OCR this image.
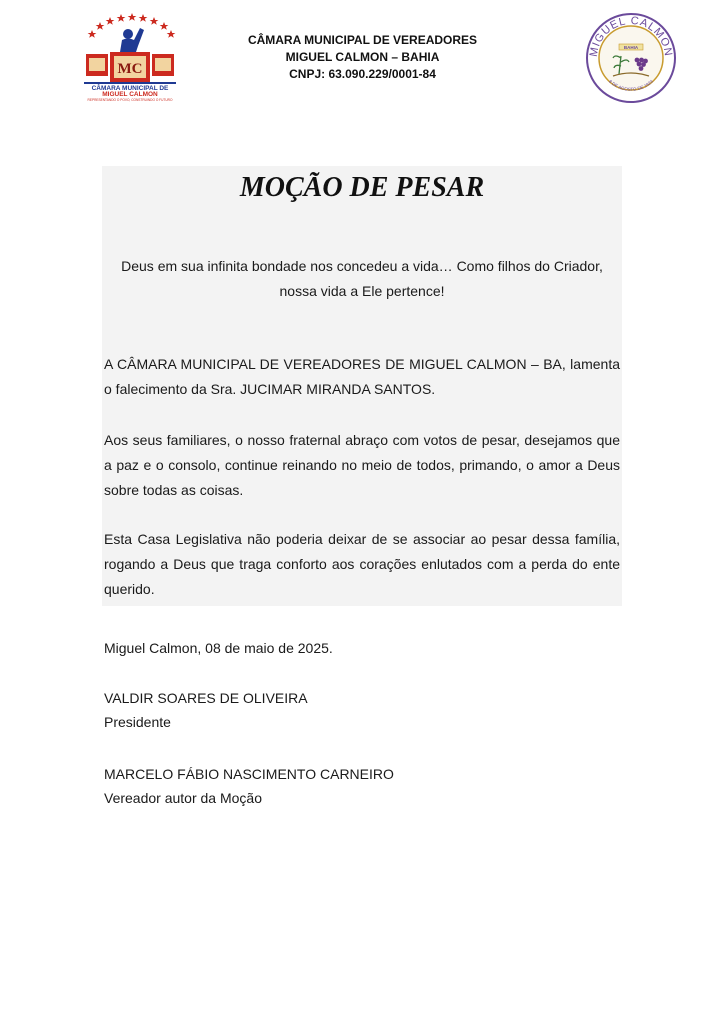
MC
CÂMARA MUNICIPAL DE
MIGUEL CALMON
REPRESENTANDO O POVO, CONSTRUINDO O FUTURO
CÂMARA MUNICIPAL DE VEREADORES
MIGUEL CALMON – BAHIA
CNPJ: 63.090.229/0001-84
MIGUEL CALMON
8 DE AGOSTO DE 1924
BAHIA
MOÇÃO DE PESAR
Deus em sua infinita bondade nos concedeu a vida… Como filhos do Criador,
nossa vida a Ele pertence!
A CÂMARA MUNICIPAL DE VEREADORES DE MIGUEL CALMON – BA, lamenta o falecimento da Sra. JUCIMAR MIRANDA SANTOS.
Aos seus familiares, o nosso fraternal abraço com votos de pesar, desejamos que a paz e o consolo, continue reinando no meio de todos, primando, o amor a Deus sobre todas as coisas.
Esta Casa Legislativa não poderia deixar de se associar ao pesar dessa família, rogando a Deus que traga conforto aos corações enlutados com a perda do ente querido.
Miguel Calmon, 08 de maio de 2025.
VALDIR SOARES DE OLIVEIRA
Presidente
MARCELO FÁBIO NASCIMENTO CARNEIRO
Vereador autor da Moção
